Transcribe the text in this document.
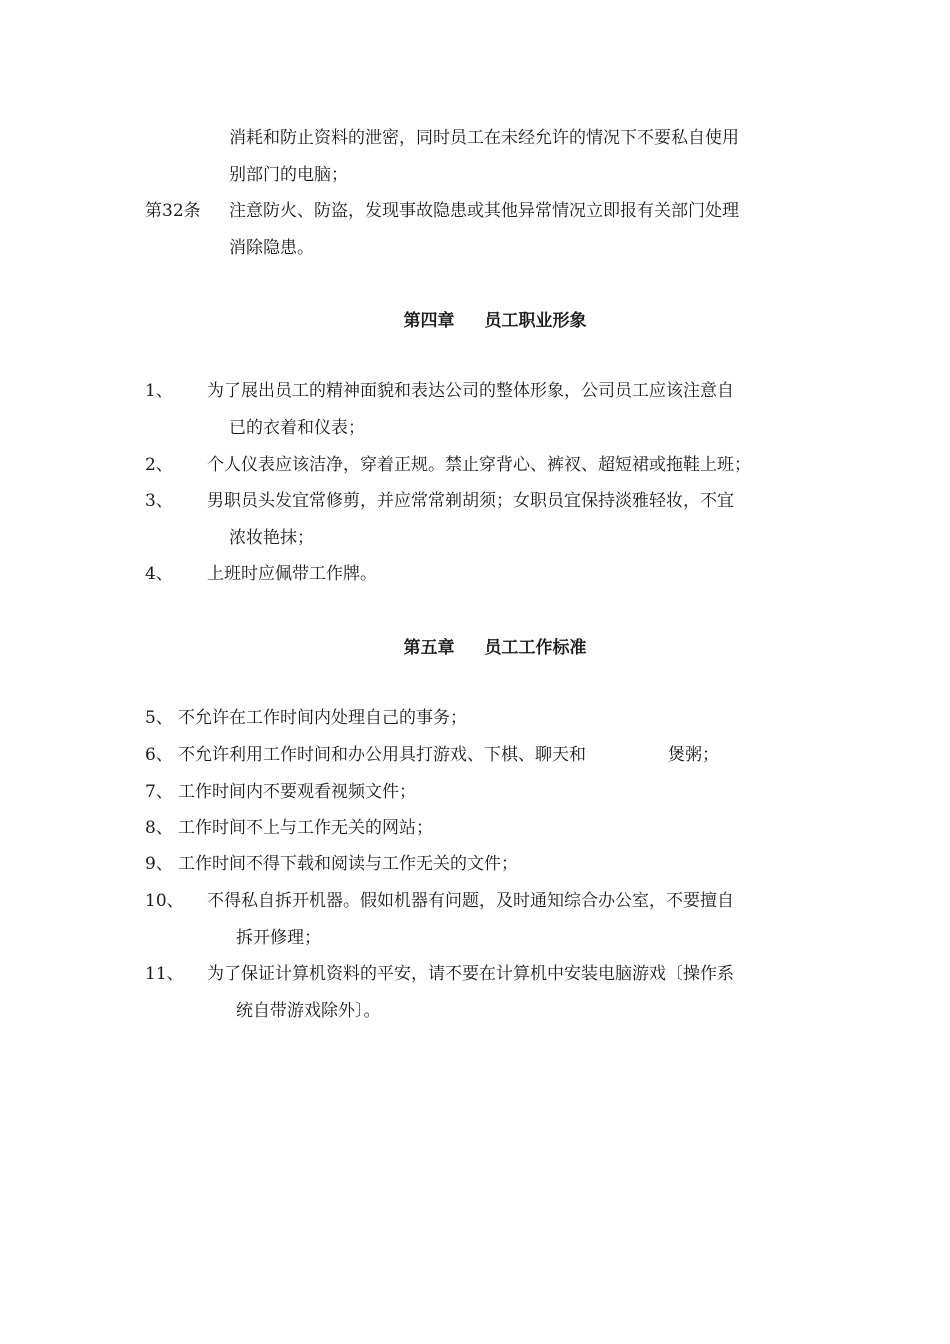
消耗和防止资料的泄密，同时员工在未经允许的情况下不要私自使用
别部门的电脑；
第32条 注意防火、防盗，发现事故隐患或其他异常情况立即报有关部门处理
消除隐患。
第四章 员工职业形象
1、 为了展出员工的精神面貌和表达公司的整体形象，公司员工应该注意自
已的衣着和仪表；
2、 个人仪表应该洁净，穿着正规。禁止穿背心、裤衩、超短裙或拖鞋上班；
3、 男职员头发宜常修剪，并应常常剃胡须；女职员宜保持淡雅轻妆，不宜
浓妆艳抹；
4、 上班时应佩带工作牌。
第五章 员工工作标准
5、 不允许在工作时间内处理自己的事务；
6、 不允许利用工作时间和办公用具打游戏、下棋、聊天和	煲粥；
7、 工作时间内不要观看视频文件；
8、 工作时间不上与工作无关的网站；
9、 工作时间不得下载和阅读与工作无关的文件；
10、 不得私自拆开机器。假如机器有问题，及时通知综合办公室，不要擅自
拆开修理；
11、 为了保证计算机资料的平安，请不要在计算机中安装电脑游戏〔操作系
统自带游戏除外〕。
